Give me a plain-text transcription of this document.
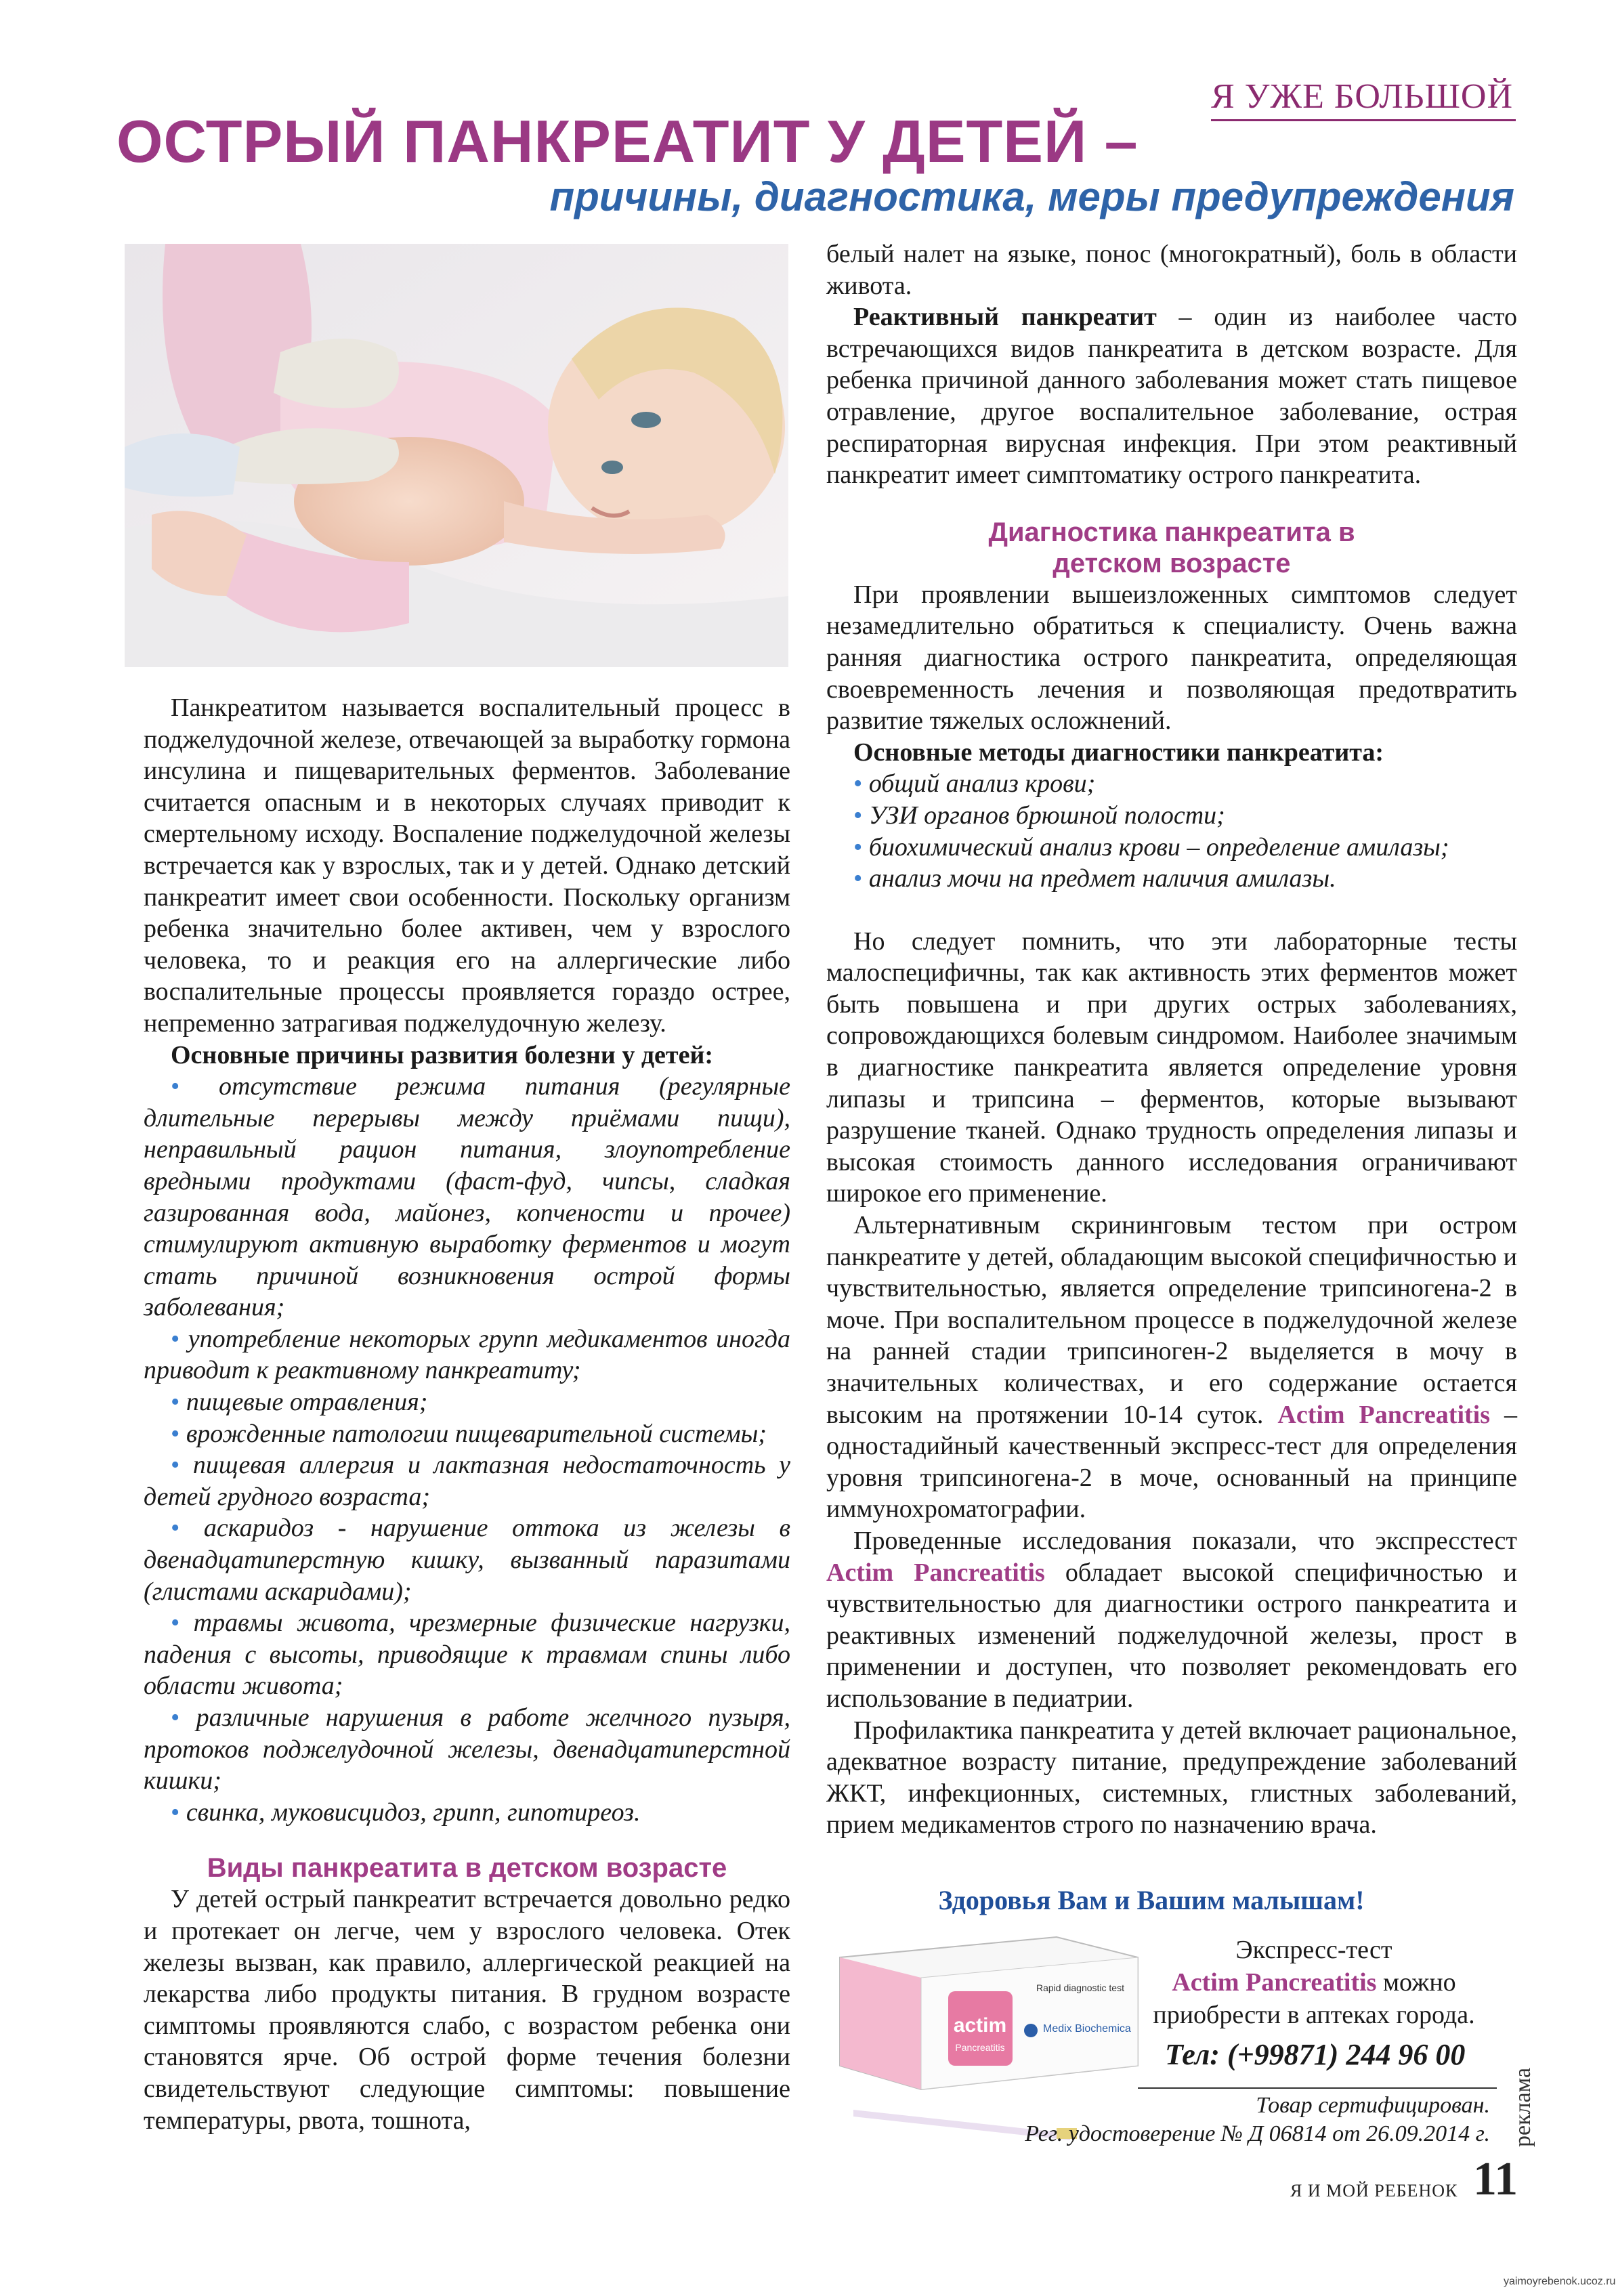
Я УЖЕ БОЛЬШОЙ
ОСТРЫЙ ПАНКРЕАТИТ У ДЕТЕЙ –
причины, диагностика, меры предупреждения

Панкреатитом называется воспалительный процесс в поджелудочной железе, отвечающей за выработку гормона инсулина и пищеварительных ферментов. Заболевание считается опасным и в некоторых случаях приводит к смертельному исходу. Воспаление поджелудочной железы встречается как у взрослых, так и у детей. Однако детский панкреатит имеет свои особенности. Поскольку организм ребенка значительно более активен, чем у взрослого человека, то и реакция его на аллергические либо воспалительные процессы проявляется гораздо острее, непременно затрагивая поджелудочную железу.

Основные причины развития болезни у детей:
• отсутствие режима питания (регулярные длительные перерывы между приёмами пищи), неправильный рацион питания, злоупотребление вредными продуктами (фаст-фуд, чипсы, сладкая газированная вода, майонез, копчености и прочее) стимулируют активную выработку ферментов и могут стать причиной возникновения острой формы заболевания;
• употребление некоторых групп медикаментов иногда приводит к реактивному панкреатиту;
• пищевые отравления;
• врожденные патологии пищеварительной системы;
• пищевая аллергия и лактазная недостаточность у детей грудного возраста;
• аскаридоз - нарушение оттока из железы в двенадцатиперстную кишку, вызванный паразитами (глистами аскаридами);
• травмы живота, чрезмерные физические нагрузки, падения с высоты, приводящие к травмам спины либо области живота;
• различные нарушения в работе желчного пузыря, протоков поджелудочной железы, двенадцатиперстной кишки;
• свинка, муковисцидоз, грипп, гипотиреоз.
Виды панкреатита в детском возрасте

У детей острый панкреатит встречается довольно редко и протекает он легче, чем у взрослого человека. Отек железы вызван, как правило, аллергической реакцией на лекарства либо продукты питания. В грудном возрасте симптомы проявляются слабо, с возрастом ребенка они становятся ярче. Об острой форме течения болезни свидетельствуют следующие симптомы: повышение температуры, рвота, тошнота,

белый налет на языке, понос (многократный), боль в области живота.

Реактивный панкреатит – один из наиболее часто встречающихся видов панкреатита в детском возрасте. Для ребенка причиной данного заболевания может стать пищевое отравление, другое воспалительное заболевание, острая респираторная вирусная инфекция. При этом реактивный панкреатит имеет симптоматику острого панкреатита.

Диагностика панкреатита в
детском возрасте

При проявлении вышеизложенных симптомов следует незамедлительно обратиться к специалисту. Очень важна ранняя диагностика острого панкреатита, определяющая своевременность лечения и позволяющая предотвратить развитие тяжелых осложнений.

Основные методы диагностики панкреатита:
• общий анализ крови;
• УЗИ органов брюшной полости;
• биохимический анализ крови – определение амилазы;
• анализ мочи на предмет наличия амилазы.

Но следует помнить, что эти лабораторные тесты малоспецифичны, так как активность этих ферментов может быть повышена и при других острых заболеваниях, сопровождающихся болевым синдромом. Наиболее значимым в диагностике панкреатита является определение уровня липазы и трипсина – ферментов, которые вызывают разрушение тканей. Однако трудность определения липазы и высокая стоимость данного исследования ограничивают широкое его применение.

Альтернативным скрининговым тестом при остром панкреатите у детей, обладающим высокой специфичностью и чувствительностью, является определение трипсиногена-2 в моче. При воспалительном процессе в поджелудочной железе на ранней стадии трипсиноген-2 выделяется в мочу в значительных количествах, и его содержание остается высоким на протяжении 10-14 суток. Actim Pancreatitis – одностадийный качественный экспресс-тест для определения уровня трипсиногена-2 в моче, основанный на принципе иммунохроматографии.

Проведенные исследования показали, что экспресстест Actim Pancreatitis обладает высокой специфичностью и чувствительностью для диагностики острого панкреатита и реактивных изменений поджелудочной железы, прост в применении и доступен, что позволяет рекомендовать его использование в педиатрии.

Профилактика панкреатита у детей включает рациональное, адекватное возрасту питание, предупреждение заболеваний ЖКТ, инфекционных, системных, глистных заболеваний, прием медикаментов строго по назначению врача.

Здоровья Вам и Вашим малышам!
actim
Pancreatitis
Rapid diagnostic test
Medix Biochemica
Экспресс-тест
Actim Pancreatitis можно
приобрести в аптеках города.
Тел: (+99871) 244 96 00
Товар сертифицирован.
Рег. удостоверение № Д 06814 от 26.09.2014 г. реклама
Я И МОЙ РЕБЕНОК 11
yaimoyrebenok.ucoz.ru
